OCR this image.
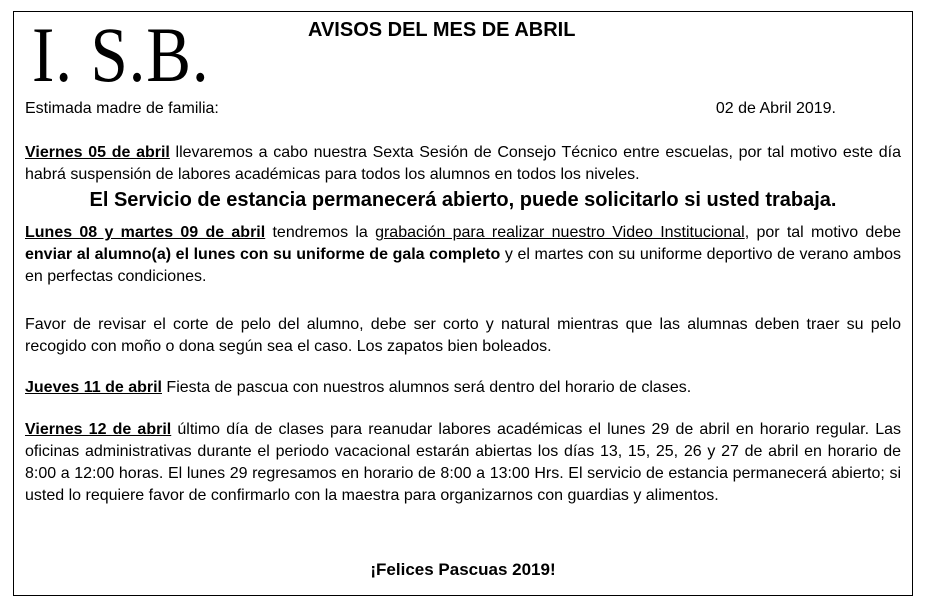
I. S.B.	AVISOS DEL MES DE ABRIL
Estimada madre de familia:	02 de Abril 2019.

Viernes 05 de abril llevaremos a cabo nuestra Sexta Sesión de Consejo Técnico entre escuelas, por tal motivo este día habrá suspensión de labores académicas para todos los alumnos en todos los niveles.

El Servicio de estancia permanecerá abierto, puede solicitarlo si usted trabaja.

Lunes 08 y martes 09 de abril tendremos la grabación para realizar nuestro Video Institucional, por tal motivo debe enviar al alumno(a) el lunes con su uniforme de gala completo y el martes con su uniforme deportivo de verano ambos en perfectas condiciones.

Favor de revisar el corte de pelo del alumno, debe ser corto y natural mientras que las alumnas deben traer su pelo recogido con moño o dona según sea el caso. Los zapatos bien boleados.

Jueves 11 de abril Fiesta de pascua con nuestros alumnos será dentro del horario de clases.

Viernes 12 de abril último día de clases para reanudar labores académicas el lunes 29 de abril en horario regular. Las oficinas administrativas durante el periodo vacacional estarán abiertas los días 13, 15, 25, 26 y 27 de abril en horario de 8:00 a 12:00 horas. El lunes 29 regresamos en horario de 8:00 a 13:00 Hrs. El servicio de estancia permanecerá abierto; si usted lo requiere favor de confirmarlo con la maestra para organizarnos con guardias y alimentos.

¡Felices Pascuas 2019!
